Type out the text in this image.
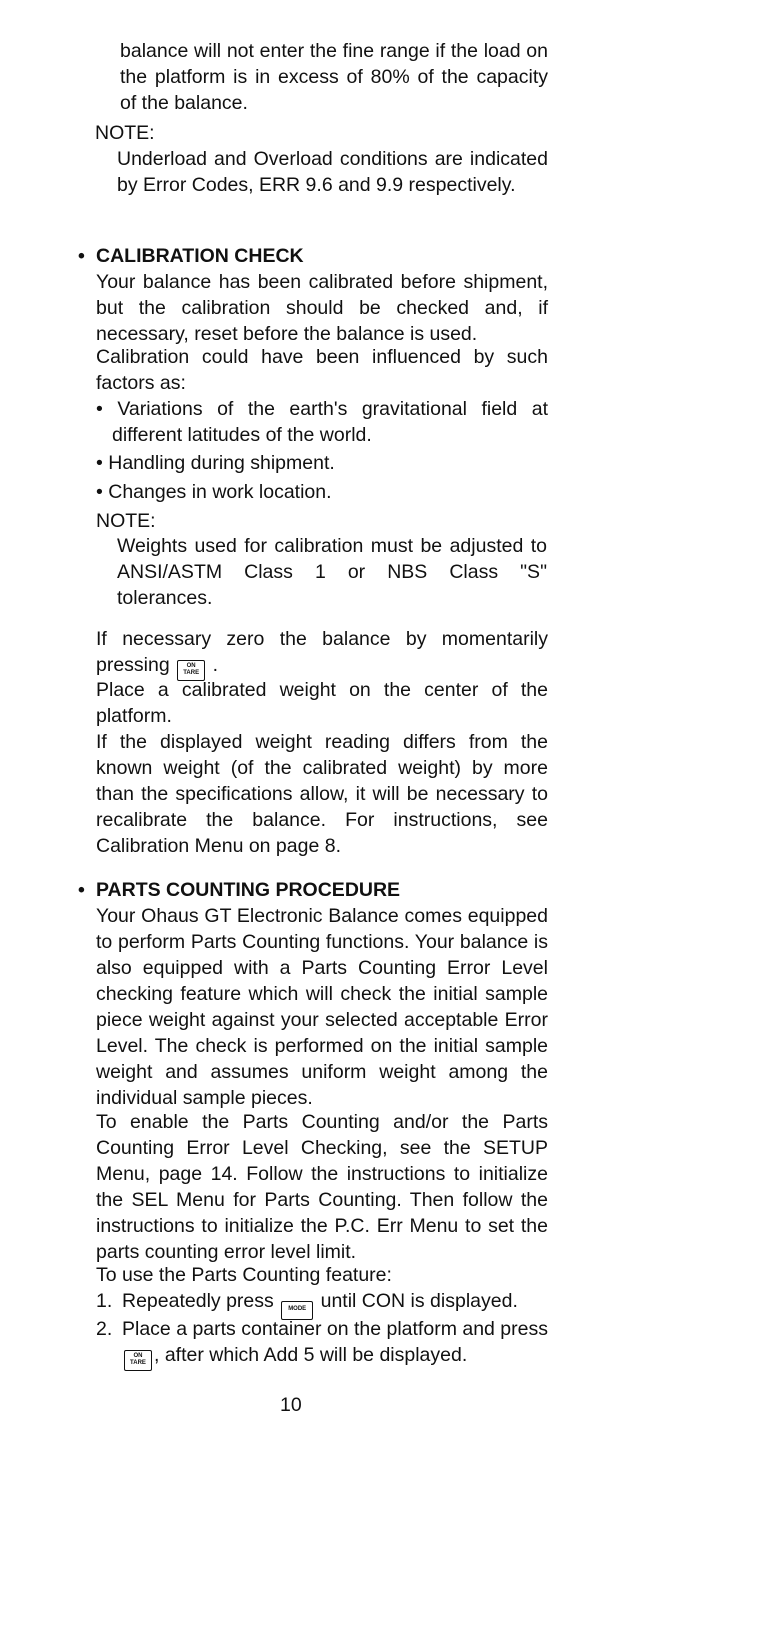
balance will not enter the fine range if the load on the platform is in excess of 80% of the capacity of the balance.

NOTE:

Underload and Overload conditions are indicated by Error Codes, ERR 9.6 and 9.9 respectively.

• CALIBRATION CHECK

Your balance has been calibrated before shipment, but the calibration should be checked and, if necessary, reset before the balance is used.

Calibration could have been influenced by such factors as:

• Variations of the earth's gravitational field at different latitudes of the world.

• Handling during shipment.

• Changes in work location.

NOTE:

Weights used for calibration must be adjusted to ANSI/ASTM Class 1 or NBS Class "S" tolerances.

If necessary zero the balance by momentarily pressing	ON
TARE .

Place a calibrated weight on the center of the platform.

If the displayed weight reading differs from the known weight (of the calibrated weight) by more than the specifications allow, it will be necessary to recalibrate the balance. For instructions, see Calibration Menu on page 8.

• PARTS COUNTING PROCEDURE

Your Ohaus GT Electronic Balance comes equipped to perform Parts Counting functions. Your balance is also equipped with a Parts Counting Error Level checking feature which will check the initial sample piece weight against your selected acceptable Error Level. The check is performed on the initial sample weight and assumes uniform weight among the individual sample pieces.

To enable the Parts Counting and/or the Parts Counting Error Level Checking, see the SETUP Menu, page 14. Follow the instructions to initialize the SEL Menu for Parts Counting. Then follow the instructions to initialize the P.C. Err Menu to set the parts counting error level limit.

To use the Parts Counting feature:

1. Repeatedly press MODE until CON is displayed.

2. Place a parts container on the platform and press ON
TARE , after which Add 5 will be displayed.

10
